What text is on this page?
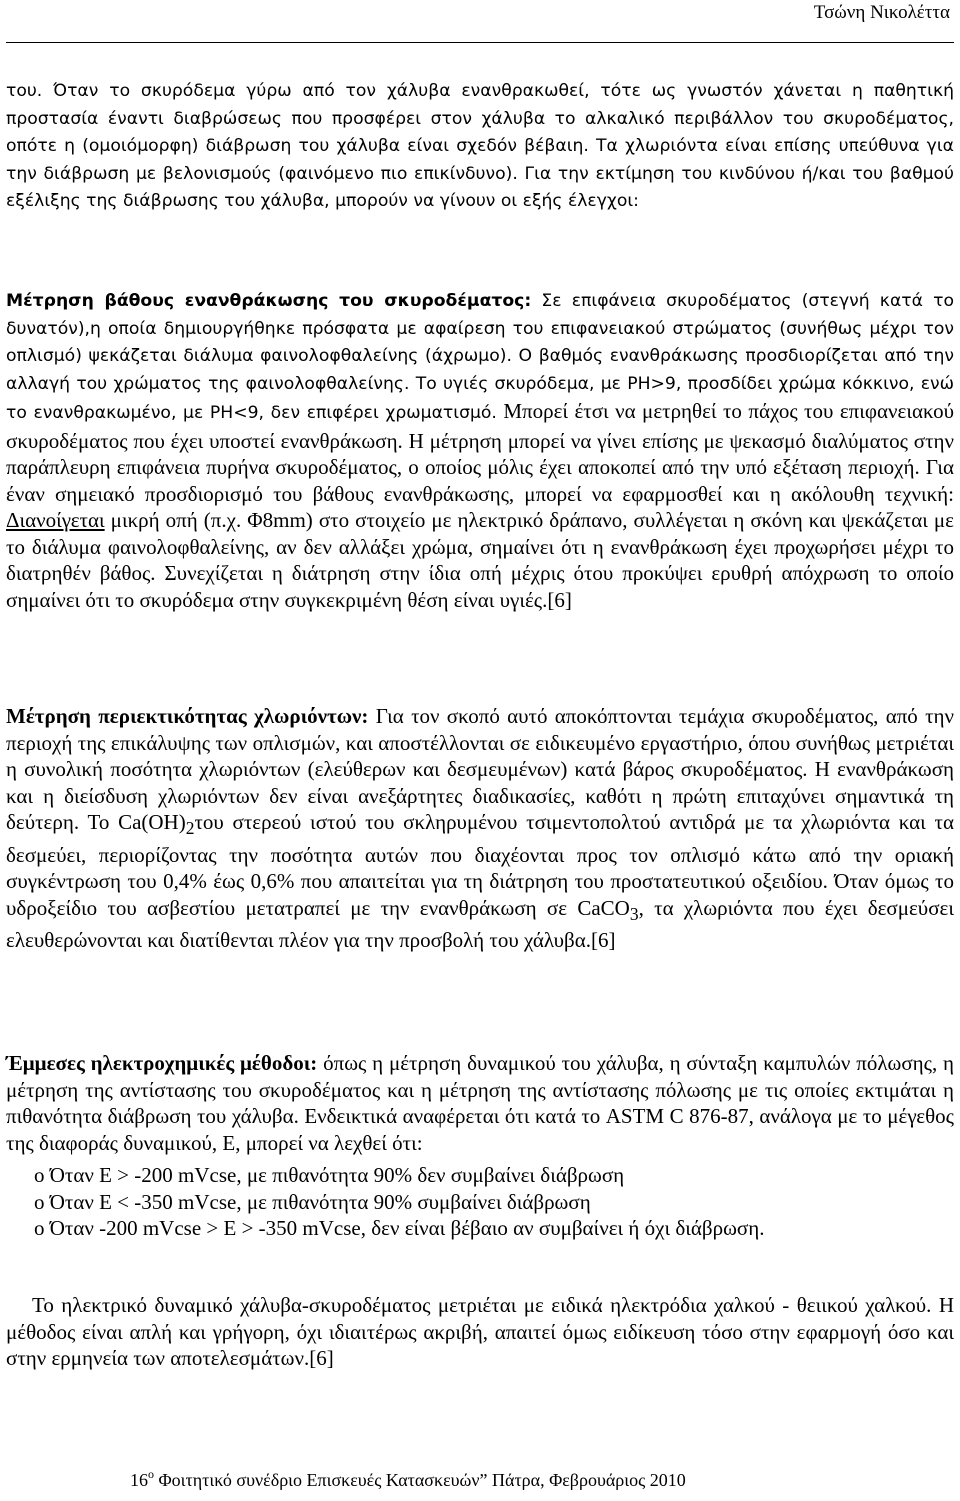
Τσώνη Νικολέττα

του. Όταν το σκυρόδεμα γύρω από τον χάλυβα ενανθρακωθεί, τότε ως γνωστόν χάνεται η παθητική προστασία έναντι διαβρώσεως που προσφέρει στον χάλυβα το αλκαλικό περιβάλλον του σκυροδέματος, οπότε η (ομοιόμορφη) διάβρωση του χάλυβα είναι σχεδόν βέβαιη. Τα χλωριόντα είναι επίσης υπεύθυνα για την διάβρωση με βελονισμούς (φαινόμενο πιο επικίνδυνο). Για την εκτίμηση του κινδύνου ή/και του βαθμού εξέλιξης της διάβρωσης του χάλυβα, μπορούν να γίνουν οι εξής έλεγχοι:

Μέτρηση βάθους ενανθράκωσης του σκυροδέματος: Σε επιφάνεια σκυροδέματος (στεγνή κατά το δυνατόν),η οποία δημιουργήθηκε πρόσφατα με αφαίρεση του επιφανειακού στρώματος (συνήθως μέχρι τον οπλισμό) ψεκάζεται διάλυμα φαινολοφθαλείνης (άχρωμο). Ο βαθμός ενανθράκωσης προσδιορίζεται από την αλλαγή του χρώματος της φαινολοφθαλείνης. Το υγιές σκυρόδεμα, με PH>9, προσδίδει χρώμα κόκκινο, ενώ το ενανθρακωμένο, με PH<9, δεν επιφέρει χρωματισμό. Μπορεί έτσι να μετρηθεί το πάχος του επιφανειακού σκυροδέματος που έχει υποστεί ενανθράκωση. Η μέτρηση μπορεί να γίνει επίσης με ψεκασμό διαλύματος στην παράπλευρη επιφάνεια πυρήνα σκυροδέματος, ο οποίος μόλις έχει αποκοπεί από την υπό εξέταση περιοχή. Για έναν σημειακό προσδιορισμό του βάθους ενανθράκωσης, μπορεί να εφαρμοσθεί και η ακόλουθη τεχνική: Διανοίγεται μικρή οπή (π.χ. Φ8mm) στο στοιχείο με ηλεκτρικό δράπανο, συλλέγεται η σκόνη και ψεκάζεται με το διάλυμα φαινολοφθαλείνης, αν δεν αλλάξει χρώμα, σημαίνει ότι η ενανθράκωση έχει προχωρήσει μέχρι το διατρηθέν βάθος. Συνεχίζεται η διάτρηση στην ίδια οπή μέχρις ότου προκύψει ερυθρή απόχρωση το οποίο σημαίνει ότι το σκυρόδεμα στην συγκεκριμένη θέση είναι υγιές.[6]

Μέτρηση περιεκτικότητας χλωριόντων: Για τον σκοπό αυτό αποκόπτονται τεμάχια σκυροδέματος, από την περιοχή της επικάλυψης των οπλισμών, και αποστέλλονται σε ειδικευμένο εργαστήριο, όπου συνήθως μετριέται η συνολική ποσότητα χλωριόντων (ελεύθερων και δεσμευμένων) κατά βάρος σκυροδέματος. Η ενανθράκωση και η διείσδυση χλωριόντων δεν είναι ανεξάρτητες διαδικασίες, καθότι η πρώτη επιταχύνει σημαντικά τη δεύτερη. Το $Ca(OH)_2\tau o\upsilon$ στερεού ιστού του σκληρυμένου τσιμεντοπολτού αντιδρά με τα χλωριόντα και τα δεσμεύει, περιορίζοντας την ποσότητα αυτών που διαχέονται προς τον οπλισμό κάτω από την οριακή συγκέντρωση του 0,4% έως 0,6% που απαιτείται για τη διάτρηση του προστατευτικού οξειδίου. Όταν όμως το υδροξείδιο του ασβεστίου μετατραπεί με την ενανθράκωση σε CaCO$_3$, τα χλωριόντα που έχει δεσμεύσει ελευθερώνονται και διατίθενται πλέον για την προσβολή του χάλυβα.[6]

Έμμεσες ηλεκτροχημικές μέθοδοι: όπως η μέτρηση δυναμικού του χάλυβα, η σύνταξη καμπυλών πόλωσης, η μέτρηση της αντίστασης του σκυροδέματος και η μέτρηση της αντίστασης πόλωσης με τις οποίες εκτιμάται η πιθανότητα διάβρωση του χάλυβα. Ενδεικτικά αναφέρεται ότι κατά το ASTM C 876-87, ανάλογα με το μέγεθος της διαφοράς δυναμικού, Ε, μπορεί να λεχθεί ότι:

o Όταν E > -200 mVcse, με πιθανότητα 90% δεν συμβαίνει διάβρωση
o Όταν E < -350 mVcse, με πιθανότητα 90% συμβαίνει διάβρωση
o Όταν -200 mVcse > E > -350 mVcse, δεν είναι βέβαιο αν συμβαίνει ή όχι διάβρωση.

Το ηλεκτρικό δυναμικό χάλυβα-σκυροδέματος μετριέται με ειδικά ηλεκτρόδια χαλκού - θειικού χαλκού. Η μέθοδος είναι απλή και γρήγορη, όχι ιδιαιτέρως ακριβή, απαιτεί όμως ειδίκευση τόσο στην εφαρμογή όσο και στην ερμηνεία των αποτελεσμάτων.[6]

$16^o$ Φοιτητικό συνέδριο Επισκευές Κατασκευών” Πάτρα, Φεβρουάριος 2010
